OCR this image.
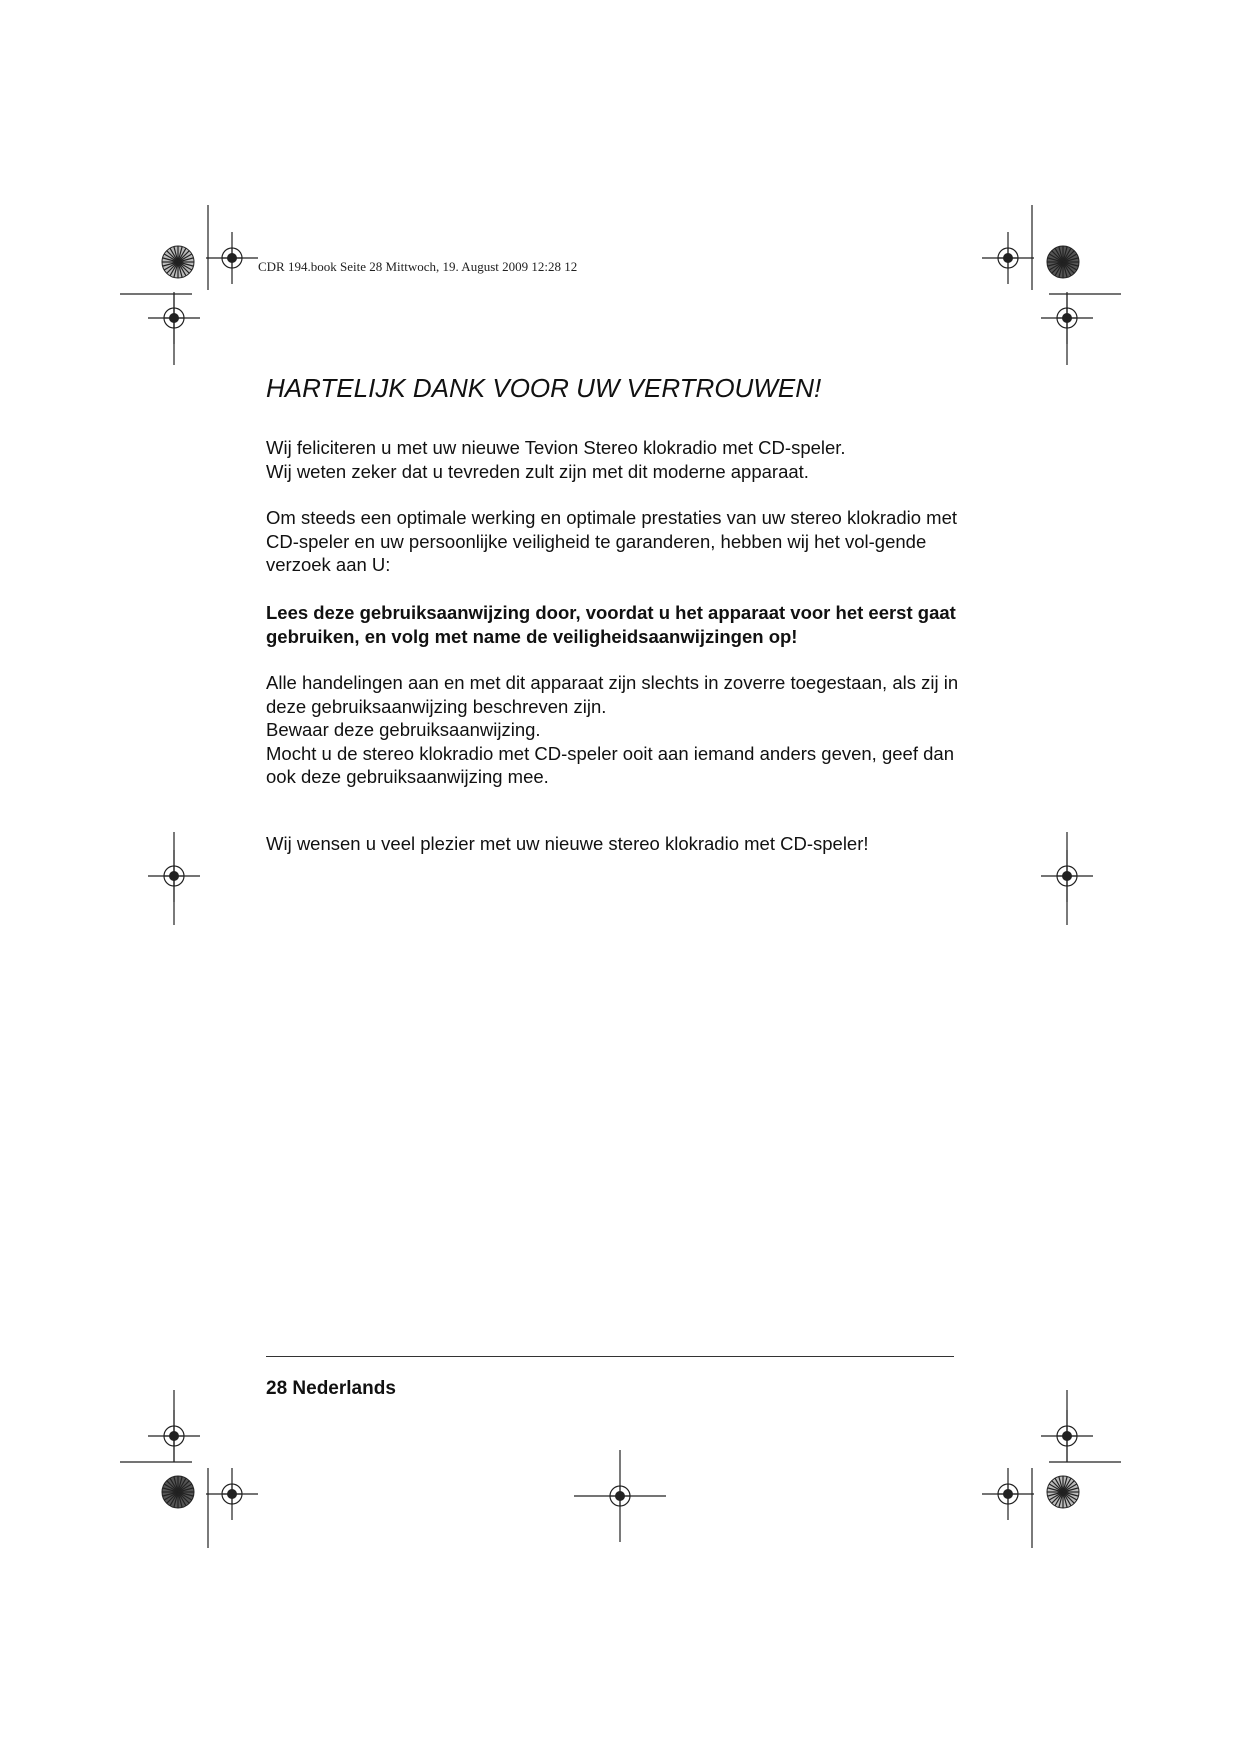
CDR 194.book Seite 28 Mittwoch, 19. August 2009 12:28 12
HARTELIJK DANK VOOR UW VERTROUWEN!

Wij feliciteren u met uw nieuwe Tevion Stereo klokradio met CD-speler.
Wij weten zeker dat u tevreden zult zijn met dit moderne apparaat.

Om steeds een optimale werking en optimale prestaties van uw stereo klokradio met CD-speler en uw persoonlijke veiligheid te garanderen, hebben wij het vol-gende verzoek aan U:

Lees deze gebruiksaanwijzing door, voordat u het apparaat voor het eerst gaat gebruiken, en volg met name de veiligheidsaanwijzingen op!

Alle handelingen aan en met dit apparaat zijn slechts in zoverre toegestaan, als zij in deze gebruiksaanwijzing beschreven zijn.
Bewaar deze gebruiksaanwijzing.
Mocht u de stereo klokradio met CD-speler ooit aan iemand anders geven, geef dan ook deze gebruiksaanwijzing mee.

Wij wensen u veel plezier met uw nieuwe stereo klokradio met CD-speler!

28 Nederlands
